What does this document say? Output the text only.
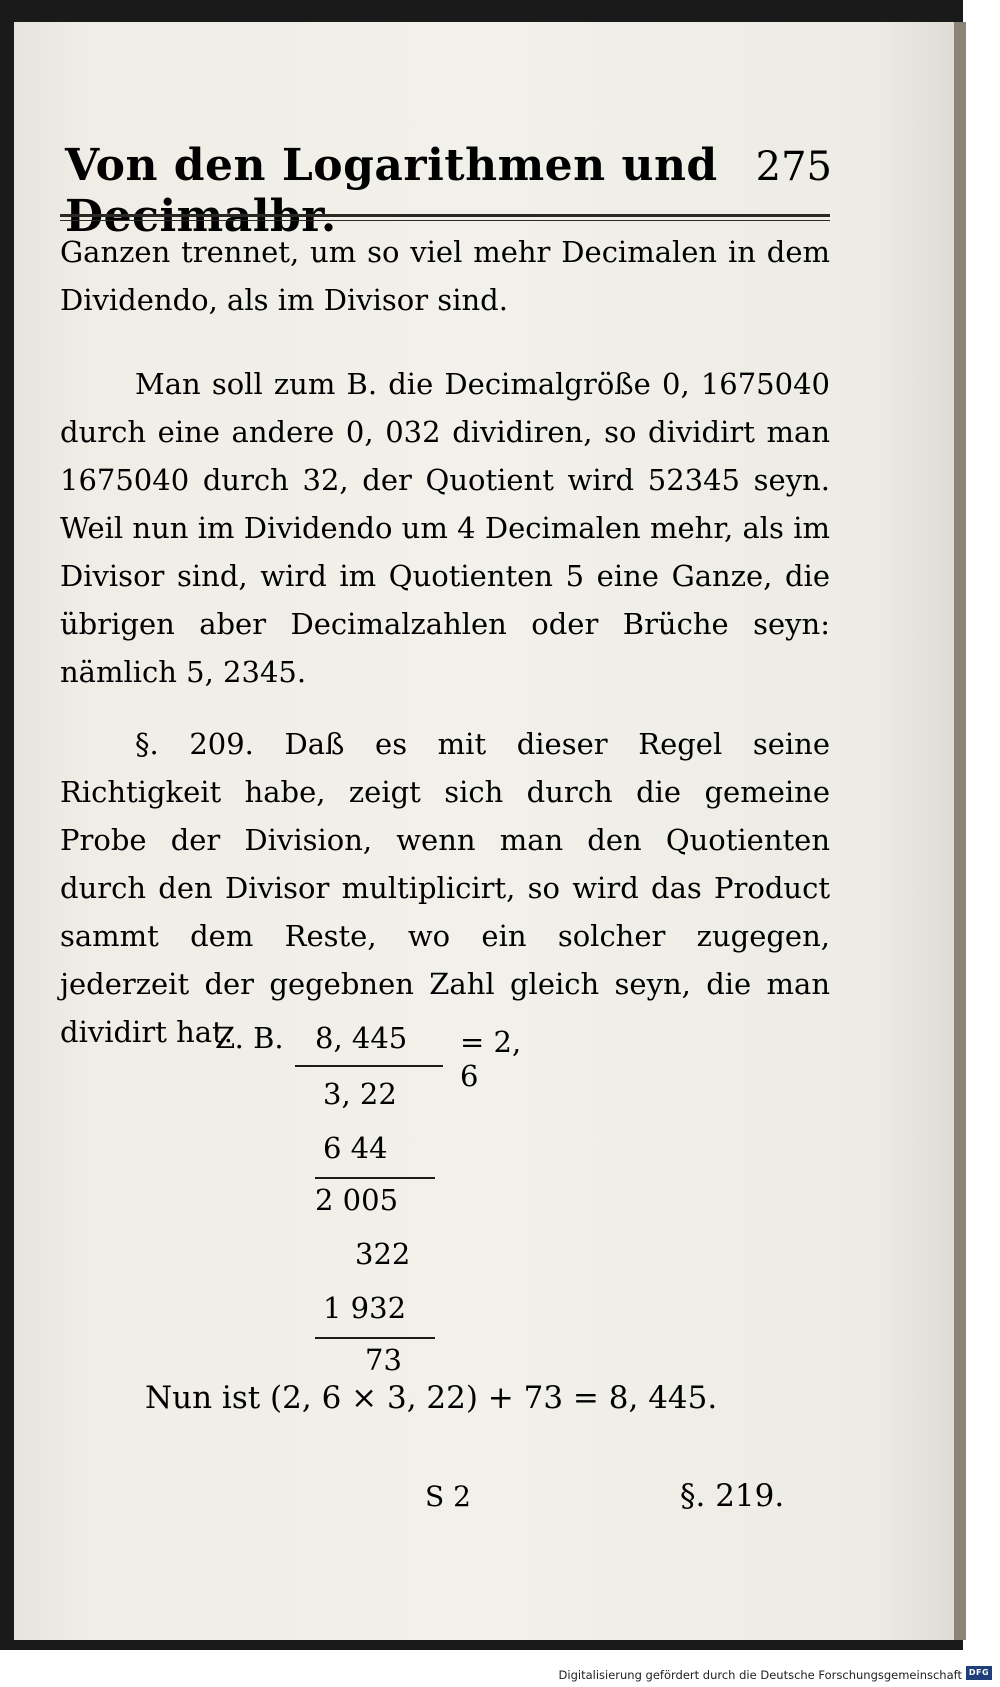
Von den Logarithmen und Decimalbr.
275
Ganzen trennet, um so viel mehr Decimalen in dem Dividendo, als im Divisor sind.
Man soll zum B. die Decimalgröße 0, 1675040 durch eine andere 0, 032 dividiren, so dividirt man 1675040 durch 32, der Quotient wird 52345 seyn. Weil nun im Dividendo um 4 Decimalen mehr, als im Divisor sind, wird im Quotienten 5 eine Ganze, die übrigen aber Decimalzahlen oder Brüche seyn: nämlich 5, 2345.
§. 209. Daß es mit dieser Regel seine Richtigkeit habe, zeigt sich durch die gemeine Probe der Division, wenn man den Quotienten durch den Divisor multiplicirt, so wird das Product sammt dem Reste, wo ein solcher zugegen, jederzeit der gegebnen Zahl gleich seyn, die man dividirt hat.
Z. B. 8, 445 = 2, 6
3, 22
6 44
2 005
322
1 932
73
Nun ist (2, 6 × 3, 22) + 73 = 8, 445.
S 2	§. 219.
Digitalisierung gefördert durch die Deutsche Forschungsgemeinschaft DFG
